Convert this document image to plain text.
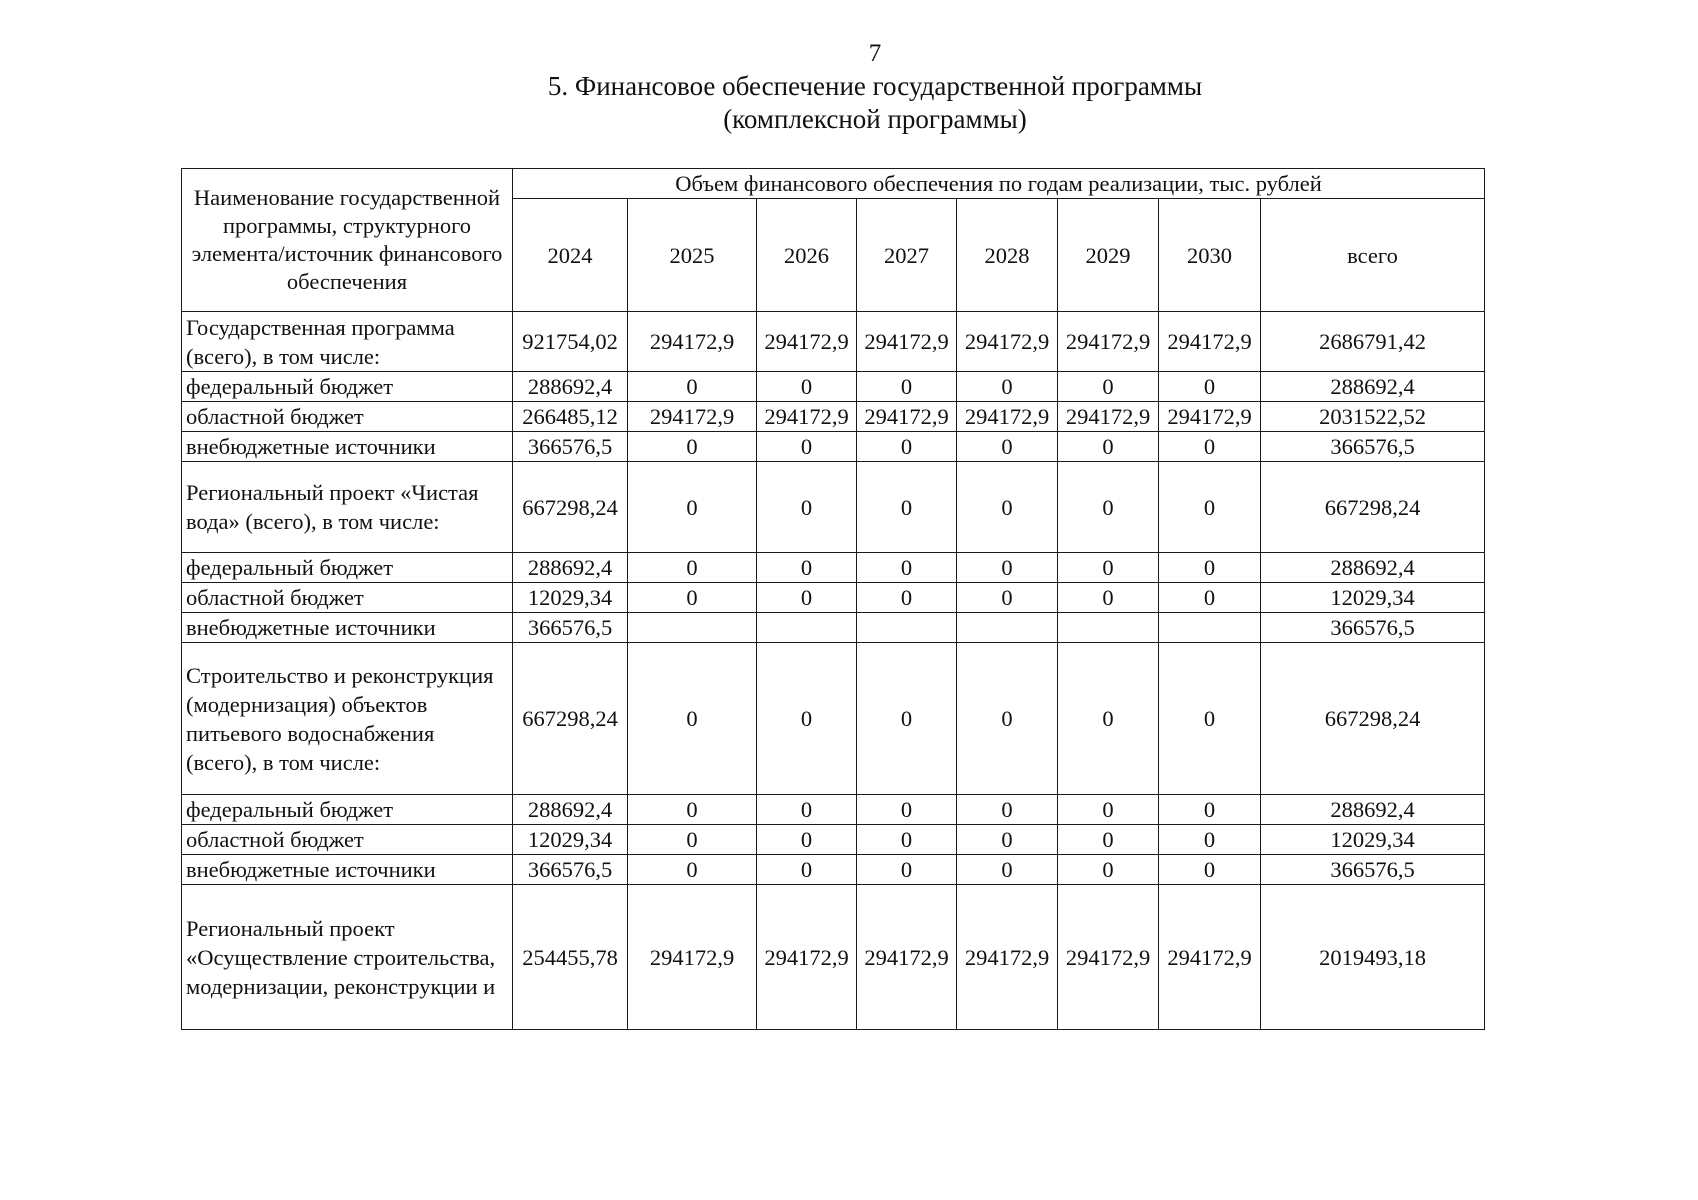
7
5. Финансовое обеспечение государственной программы
(комплексной программы)
Наименование государственной программы, структурного элемента/источник финансового обеспечения	Объем финансового обеспечения по годам реализации, тыс. рублей							
	2024	2025	2026	2027	2028	2029	2030	всего
Государственная программа (всего), в том числе:	921754,02	294172,9	294172,9	294172,9	294172,9	294172,9	294172,9	2686791,42
федеральный бюджет	288692,4	0	0	0	0	0	0	288692,4
областной бюджет	266485,12	294172,9	294172,9	294172,9	294172,9	294172,9	294172,9	2031522,52
внебюджетные источники	366576,5	0	0	0	0	0	0	366576,5
Региональный проект «Чистая вода» (всего), в том числе:	667298,24	0	0	0	0	0	0	667298,24
федеральный бюджет	288692,4	0	0	0	0	0	0	288692,4
областной бюджет	12029,34	0	0	0	0	0	0	12029,34
внебюджетные источники	366576,5							366576,5
Строительство и реконструкция (модернизация) объектов питьевого водоснабжения (всего), в том числе:	667298,24	0	0	0	0	0	0	667298,24
федеральный бюджет	288692,4	0	0	0	0	0	0	288692,4
областной бюджет	12029,34	0	0	0	0	0	0	12029,34
внебюджетные источники	366576,5	0	0	0	0	0	0	366576,5
Региональный проект «Осуществление строительства, модернизации, реконструкции и	254455,78	294172,9	294172,9	294172,9	294172,9	294172,9	294172,9	2019493,18
